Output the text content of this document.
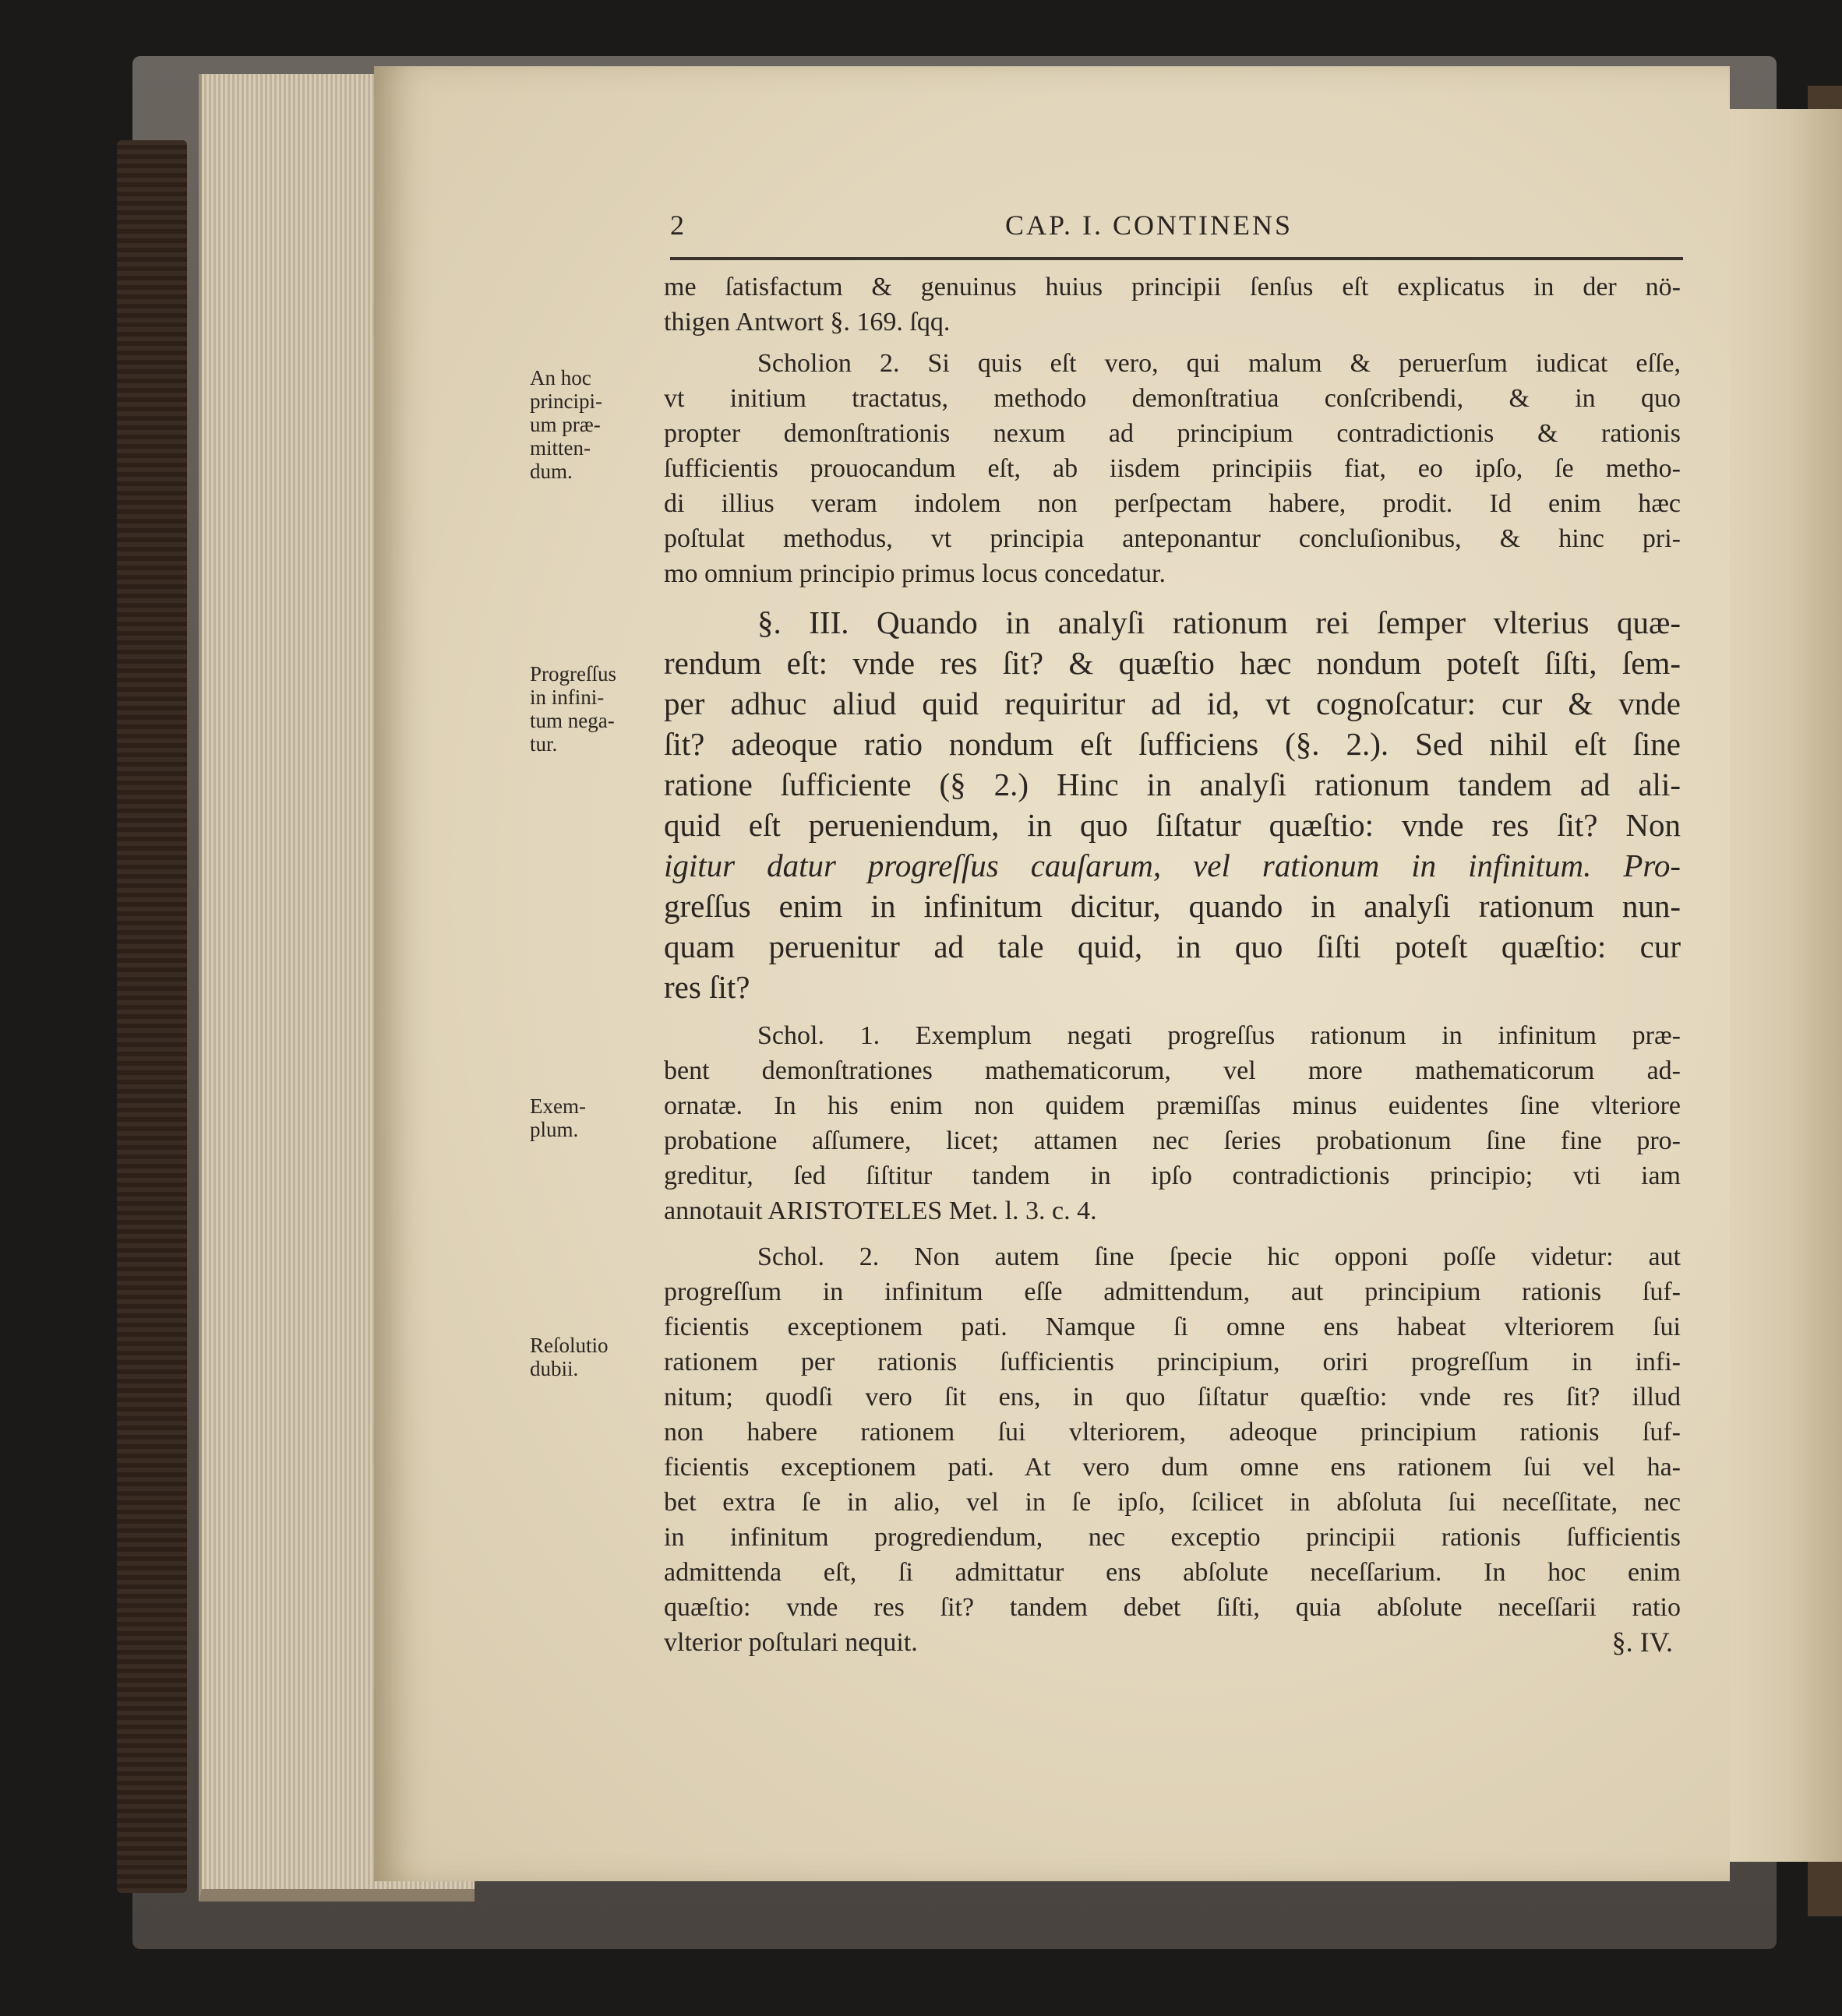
2	CAP. I. CONTINENS
An hoc
principi-
um præ-
mitten-
dum.
Progreſſus
in infini-
tum nega-
tur.
Exem-
plum.
Reſolutio
dubii.
me ſatisfactum & genuinus huius principii ſenſus eſt explicatus in der nö-
thigen Antwort §. 169. ſqq.
Scholion 2. Si quis eſt vero, qui malum & peruerſum iudicat eſſe,
vt initium tractatus, methodo demonſtratiua conſcribendi, & in quo
propter demonſtrationis nexum ad principium contradictionis & rationis
ſufficientis prouocandum eſt, ab iisdem principiis fiat, eo ipſo, ſe metho-
di illius veram indolem non perſpectam habere, prodit. Id enim hæc
poſtulat methodus, vt principia anteponantur concluſionibus, & hinc pri-
mo omnium principio primus locus concedatur.
§. III. Quando in analyſi rationum rei ſemper vlterius quæ-
rendum eſt: vnde res ſit? & quæſtio hæc nondum poteſt ſiſti, ſem-
per adhuc aliud quid requiritur ad id, vt cognoſcatur: cur & vnde
ſit? adeoque ratio nondum eſt ſufficiens (§. 2.). Sed nihil eſt ſine
ratione ſufficiente (§ 2.) Hinc in analyſi rationum tandem ad ali-
quid eſt perueniendum, in quo ſiſtatur quæſtio: vnde res ſit? Non
igitur datur progreſſus cauſarum, vel rationum in infinitum. Pro-
greſſus enim in infinitum dicitur, quando in analyſi rationum nun-
quam peruenitur ad tale quid, in quo ſiſti poteſt quæſtio: cur
res ſit?
Schol. 1. Exemplum negati progreſſus rationum in infinitum præ-
bent demonſtrationes mathematicorum, vel more mathematicorum ad-
ornatæ. In his enim non quidem præmiſſas minus euidentes ſine vlteriore
probatione aſſumere, licet; attamen nec ſeries probationum ſine fine pro-
greditur, ſed ſiſtitur tandem in ipſo contradictionis principio; vti iam
annotauit ARISTOTELES Met. l. 3. c. 4.
Schol. 2. Non autem ſine ſpecie hic opponi poſſe videtur: aut
progreſſum in infinitum eſſe admittendum, aut principium rationis ſuf-
ficientis exceptionem pati. Namque ſi omne ens habeat vlteriorem ſui
rationem per rationis ſufficientis principium, oriri progreſſum in infi-
nitum; quodſi vero ſit ens, in quo ſiſtatur quæſtio: vnde res ſit? illud
non habere rationem ſui vlteriorem, adeoque principium rationis ſuf-
ficientis exceptionem pati. At vero dum omne ens rationem ſui vel ha-
bet extra ſe in alio, vel in ſe ipſo, ſcilicet in abſoluta ſui neceſſitate, nec
in infinitum progrediendum, nec exceptio principii rationis ſufficientis
admittenda eſt, ſi admittatur ens abſolute neceſſarium. In hoc enim
quæſtio: vnde res ſit? tandem debet ſiſti, quia abſolute neceſſarii ratio
vlterior poſtulari nequit.	§. IV.
